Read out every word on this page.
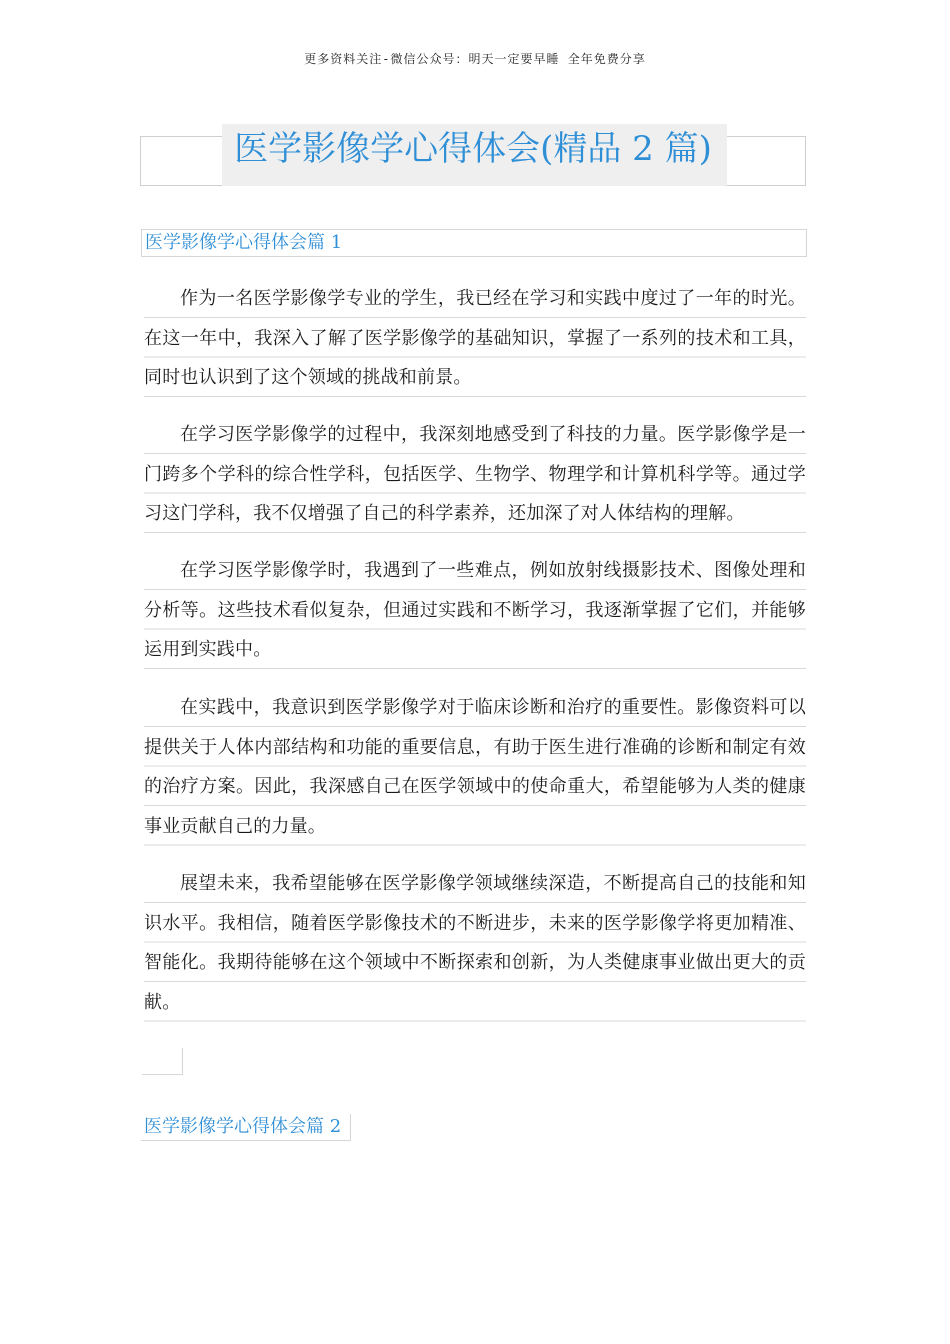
更多资料关注-微信公众号：明天一定要早睡 全年免费分享
医学影像学心得体会(精品 2 篇)
医学影像学心得体会篇 1

作为一名医学影像学专业的学生，我已经在学习和实践中度过了一年的时光。在这一年中，我深入了解了医学影像学的基础知识，掌握了一系列的技术和工具，同时也认识到了这个领域的挑战和前景。

在学习医学影像学的过程中，我深刻地感受到了科技的力量。医学影像学是一门跨多个学科的综合性学科，包括医学、生物学、物理学和计算机科学等。通过学习这门学科，我不仅增强了自己的科学素养，还加深了对人体结构的理解。

在学习医学影像学时，我遇到了一些难点，例如放射线摄影技术、图像处理和分析等。这些技术看似复杂，但通过实践和不断学习，我逐渐掌握了它们，并能够运用到实践中。

在实践中，我意识到医学影像学对于临床诊断和治疗的重要性。影像资料可以提供关于人体内部结构和功能的重要信息，有助于医生进行准确的诊断和制定有效的治疗方案。因此，我深感自己在医学领域中的使命重大，希望能够为人类的健康事业贡献自己的力量。

展望未来，我希望能够在医学影像学领域继续深造，不断提高自己的技能和知识水平。我相信，随着医学影像技术的不断进步，未来的医学影像学将更加精准、智能化。我期待能够在这个领域中不断探索和创新，为人类健康事业做出更大的贡献。

医学影像学心得体会篇 2
